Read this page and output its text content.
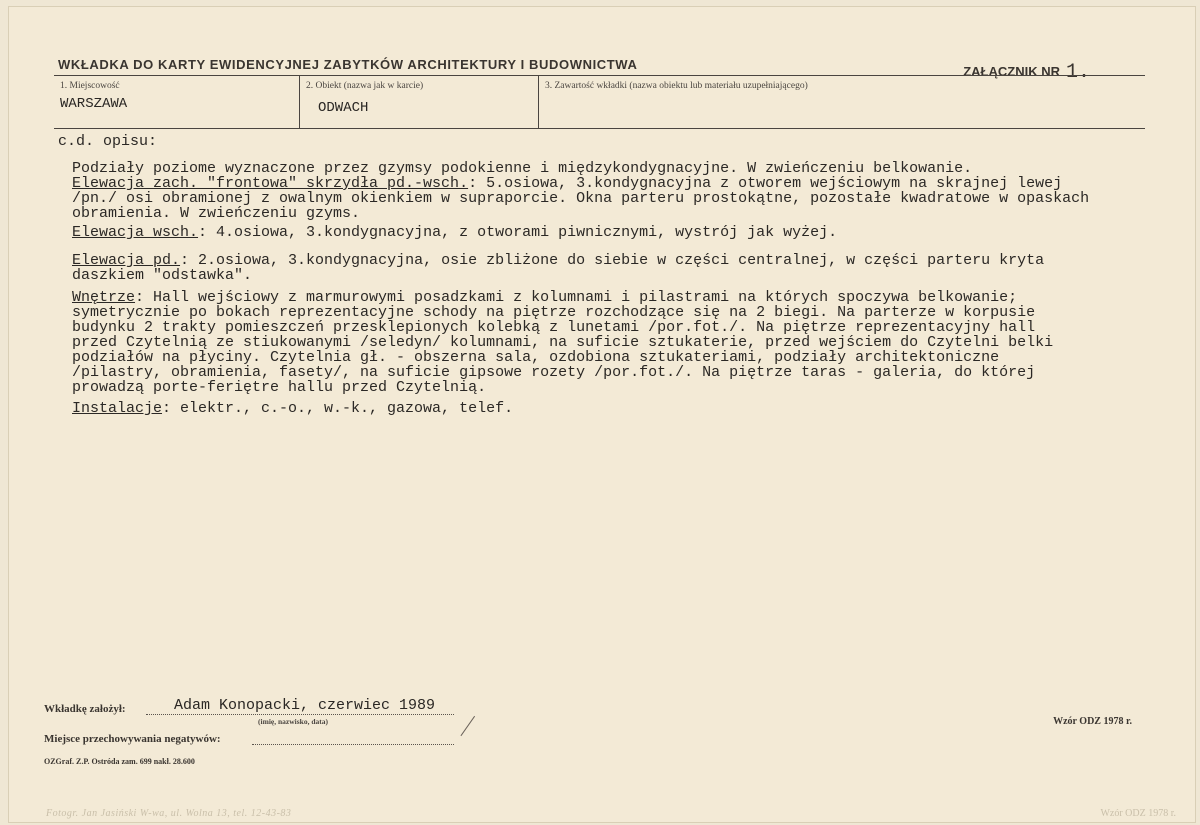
WKŁADKA DO KARTY EWIDENCYJNEJ ZABYTKÓW ARCHITEKTURY I BUDOWNICTWA	ZAŁĄCZNIK NR 1.
1. Miejscowość
WARSZAWA
2. Obiekt (nazwa jak w karcie)
ODWACH
3. Zawartość wkładki (nazwa obiektu lub materiału uzupełniającego)
c.d. opisu:

Podziały poziome wyznaczone przez gzymsy podokienne i międzykondygnacyjne. W zwieńczeniu belkowanie.

Elewacja zach. "frontowa" skrzydła pd.-wsch.: 5.osiowa, 3.kondygnacyjna z otworem wejściowym na skrajnej lewej

/pn./ osi obramionej z owalnym okienkiem w supraporcie. Okna parteru prostokątne, pozostałe kwadratowe w opaskach

obramienia. W zwieńczeniu gzyms.

Elewacja wsch.: 4.osiowa, 3.kondygnacyjna, z otworami piwnicznymi, wystrój jak wyżej.

Elewacja pd.: 2.osiowa, 3.kondygnacyjna, osie zbliżone do siebie w części centralnej, w części parteru kryta

daszkiem "odstawka".

Wnętrze: Hall wejściowy z marmurowymi posadzkami z kolumnami i pilastrami na których spoczywa belkowanie;

symetrycznie po bokach reprezentacyjne schody na piętrze rozchodzące się na 2 biegi. Na parterze w korpusie

budynku 2 trakty pomieszczeń przesklepionych kolebką z lunetami /por.fot./. Na piętrze reprezentacyjny hall

przed Czytelnią ze stiukowanymi /seledyn/ kolumnami, na suficie sztukaterie, przed wejściem do Czytelni belki

podziałów na płyciny. Czytelnia gł. - obszerna sala, ozdobiona sztukateriami, podziały architektoniczne

/pilastry, obramienia, fasety/, na suficie gipsowe rozety /por.fot./. Na piętrze taras - galeria, do której

prowadzą porte-feriętre hallu przed Czytelnią.

Instalacje: elektr., c.-o., w.-k., gazowa, telef.

Wkładkę założył:	Adam Konopacki, czerwiec 1989
(imię, nazwisko, data)
Miejsce przechowywania negatywów:
OZGraf. Z.P. Ostróda zam. 699 nakł. 28.600
Wzór ODZ 1978 r.
Fotogr. Jan Jasiński W-wa, ul. Wolna 13, tel. 12-43-83	Wzór ODZ 1978 r.
